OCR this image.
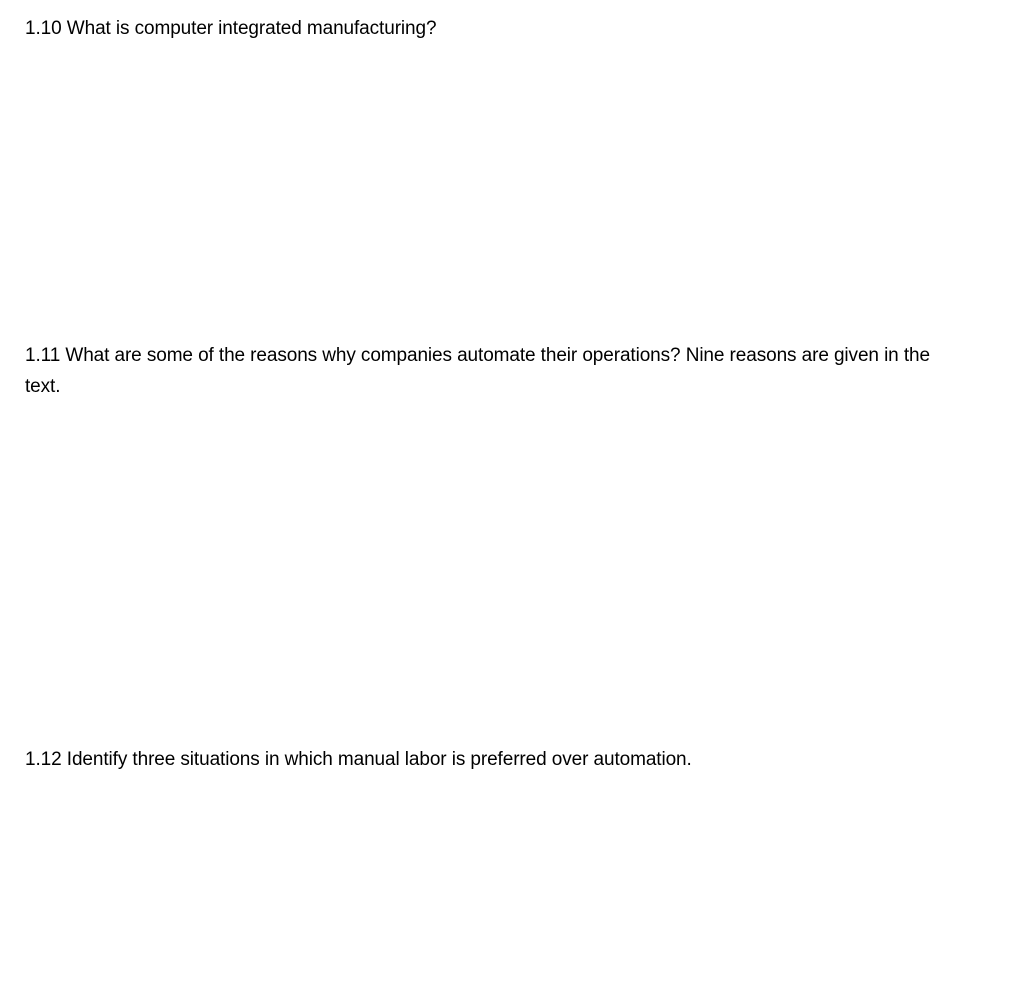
1.10 What is computer integrated manufacturing?

1.11 What are some of the reasons why companies automate their operations? Nine reasons are given in the text.

1.12 Identify three situations in which manual labor is preferred over automation.
